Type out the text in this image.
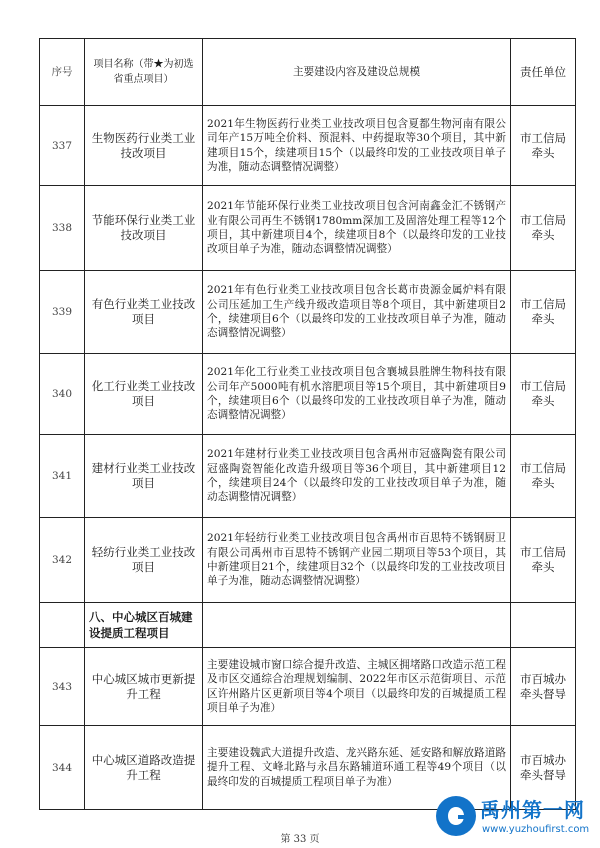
序号	项目名称（带★为初选省重点项目）	主要建设内容及建设总规模	责任单位
337	生物医药行业类工业技改项目	2021年生物医药行业类工业技改项目包含夏都生物河南有限公司年产15万吨全价料、预混料、中药提取等30个项目，其中新建项目15个，续建项目15个（以最终印发的工业技改项目单子为准，随动态调整情况调整）	市工信局牵头
338	节能环保行业类工业技改项目	2021年节能环保行业类工业技改项目包含河南鑫金汇不锈钢产业有限公司再生不锈钢1780mm深加工及固溶处理工程等12个项目，其中新建项目4个，续建项目8个（以最终印发的工业技改项目单子为准，随动态调整情况调整）	市工信局牵头
339	有色行业类工业技改项目	2021年有色行业类工业技改项目包含长葛市贵源金属炉料有限公司压延加工生产线升级改造项目等8个项目，其中新建项目2个，续建项目6个（以最终印发的工业技改项目单子为准，随动态调整情况调整）	市工信局牵头
340	化工行业类工业技改项目	2021年化工行业类工业技改项目包含襄城县胜牌生物科技有限公司年产5000吨有机水溶肥项目等15个项目，其中新建项目9个，续建项目6个（以最终印发的工业技改项目单子为准，随动态调整情况调整）	市工信局牵头
341	建材行业类工业技改项目	2021年建材行业类工业技改项目包含禹州市冠盛陶瓷有限公司冠盛陶瓷智能化改造升级项目等36个项目，其中新建项目12个，续建项目24个（以最终印发的工业技改项目单子为准，随动态调整情况调整）	市工信局牵头
342	轻纺行业类工业技改项目	2021年轻纺行业类工业技改项目包含禹州市百思特不锈钢厨卫有限公司禹州市百思特不锈钢产业园二期项目等53个项目，其中新建项目21个，续建项目32个（以最终印发的工业技改项目单子为准，随动态调整情况调整）	市工信局牵头
	八、中心城区百城建设提质工程项目		
343	中心城区城市更新提升工程	主要建设城市窗口综合提升改造、主城区拥堵路口改造示范工程及市区交通综合治理规划编制、2022年市区示范街项目、示范区许州路片区更新项目等4个项目（以最终印发的百城提质工程项目单子为准）	市百城办牵头督导
344	中心城区道路改造提升工程	主要建设魏武大道提升改造、龙兴路东延、延安路和解放路道路提升工程、文峰北路与永昌东路辅道环通工程等49个项目（以最终印发的百城提质工程项目单子为准）	市百城办牵头督导
第 33 页
禹州第一网
www.yuzhoufirst.com
